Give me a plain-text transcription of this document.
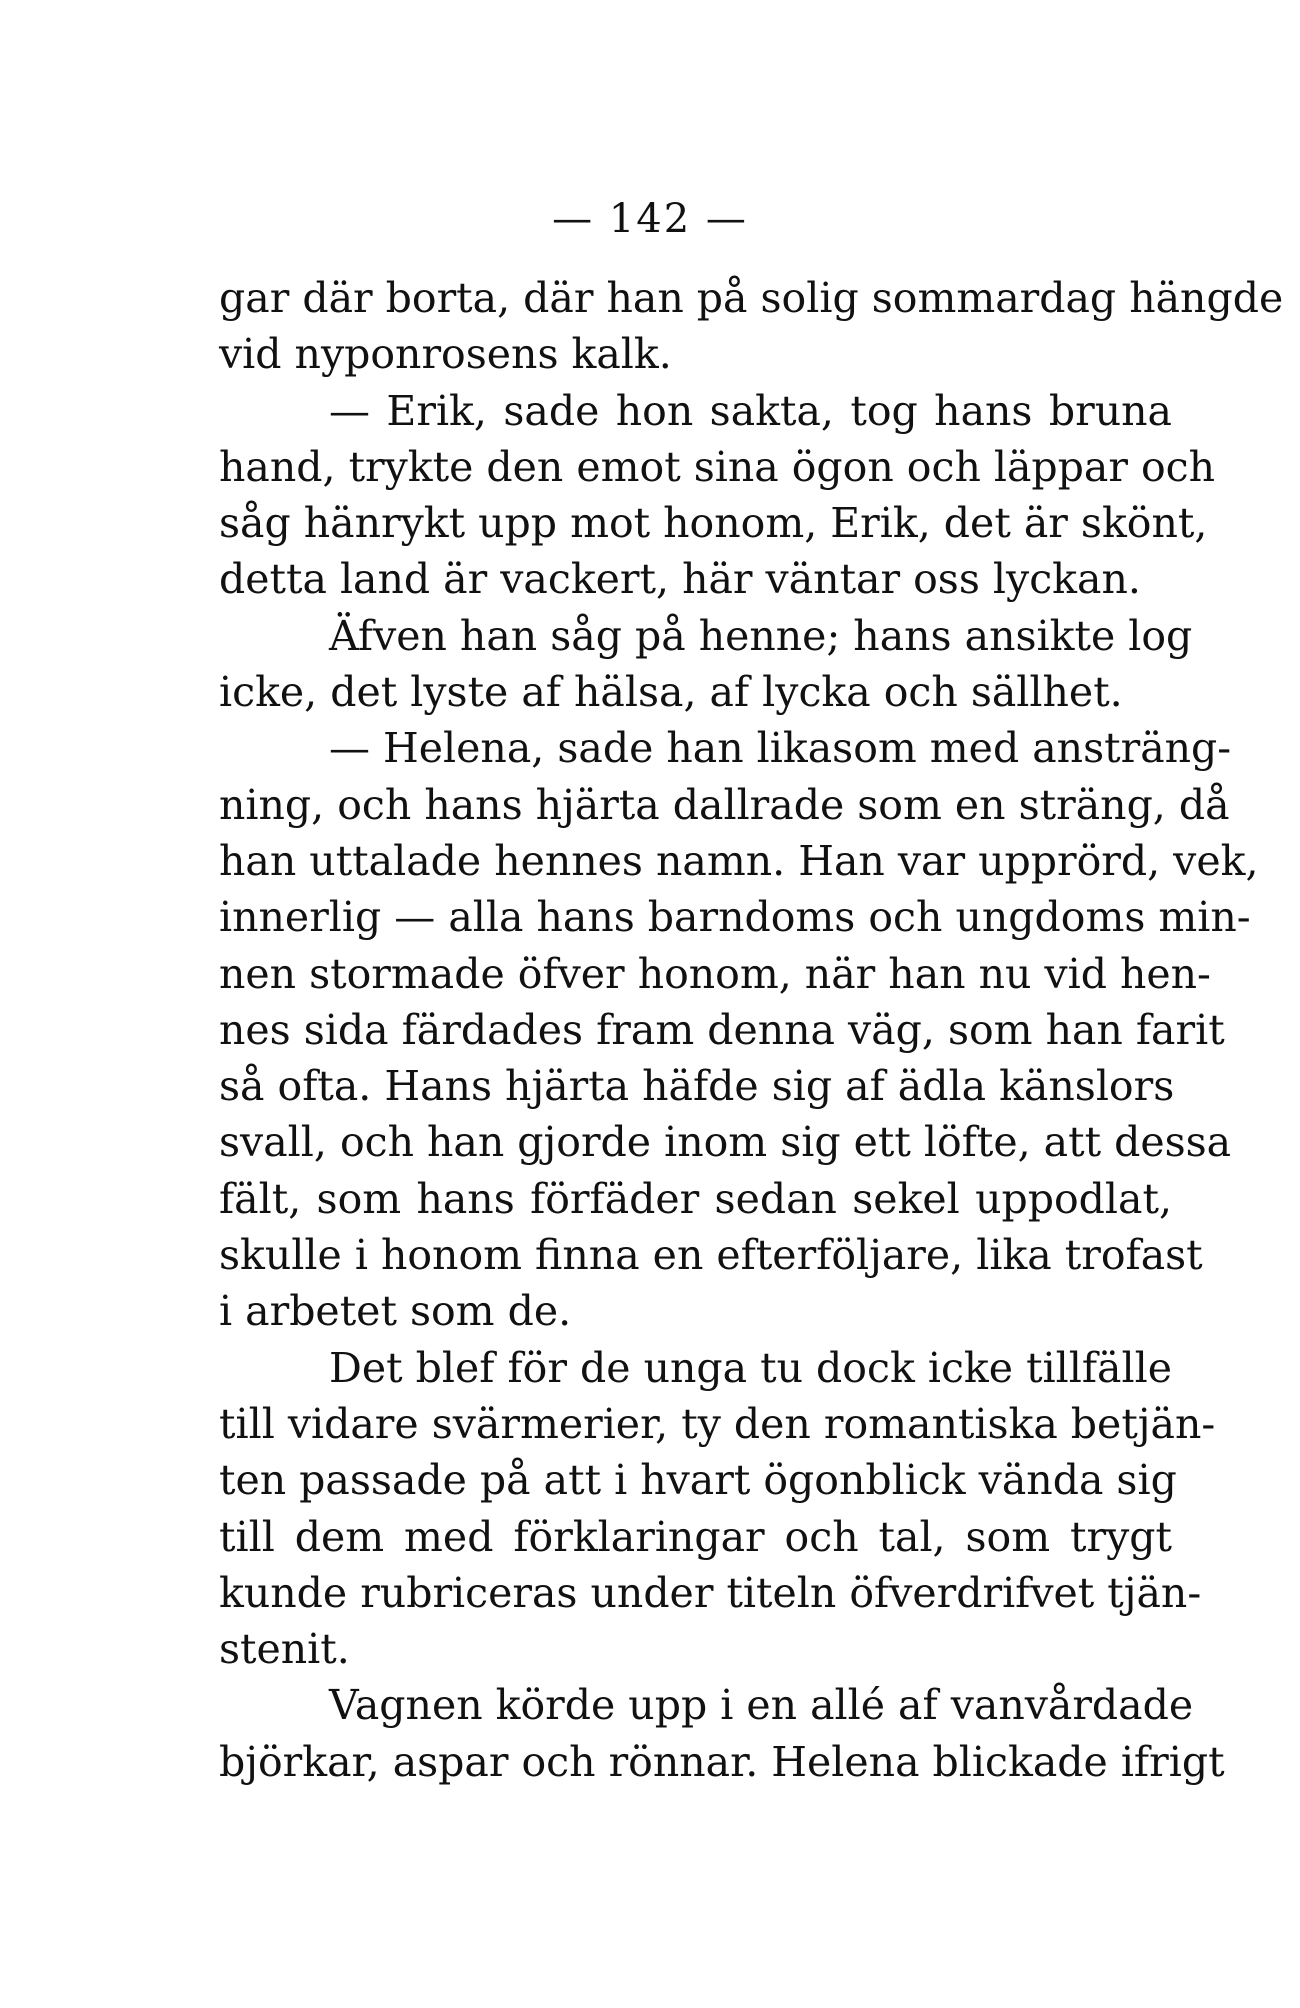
— 142 —
gar där borta, där han på solig sommardag hängde
vid nyponrosens kalk.
— Erik, sade hon sakta, tog hans bruna
hand, trykte den emot sina ögon och läppar och
såg hänrykt upp mot honom, Erik, det är skönt,
detta land är vackert, här väntar oss lyckan.
Äfven han såg på henne; hans ansikte log
icke, det lyste af hälsa, af lycka och sällhet.
— Helena, sade han likasom med ansträng-
ning, och hans hjärta dallrade som en sträng, då
han uttalade hennes namn. Han var upprörd, vek,
innerlig — alla hans barndoms och ungdoms min-
nen stormade öfver honom, när han nu vid hen-
nes sida färdades fram denna väg, som han farit
så ofta. Hans hjärta häfde sig af ädla känslors
svall, och han gjorde inom sig ett löfte, att dessa
fält, som hans förfäder sedan sekel uppodlat,
skulle i honom finna en efterföljare, lika trofast
i arbetet som de.
Det blef för de unga tu dock icke tillfälle
till vidare svärmerier, ty den romantiska betjän-
ten passade på att i hvart ögonblick vända sig
till dem med förklaringar och tal, som trygt
kunde rubriceras under titeln öfverdrifvet tjän-
stenit.
Vagnen körde upp i en allé af vanvårdade
björkar, aspar och rönnar. Helena blickade ifrigt
